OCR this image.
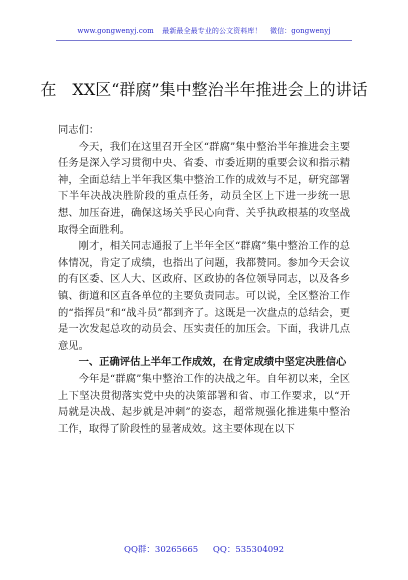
www.gongwenyj.com 最新最全最专业的公文资料库！ 微信：gongwenyj
在　XX区“群腐”集中整治半年推进会上的讲话

同志们：

今天，我们在这里召开全区“群腐”集中整治半年推进会主要任务是深入学习贯彻中央、省委、市委近期的重要会议和指示精神，全面总结上半年我区集中整治工作的成效与不足，研究部署下半年决战决胜阶段的重点任务，动员全区上下进一步统一思想、加压奋进，确保这场关乎民心向背、关乎执政根基的攻坚战取得全面胜利。

刚才，相关同志通报了上半年全区“群腐”集中整治工作的总体情况，肯定了成绩，也指出了问题，我都赞同。参加今天会议的有区委、区人大、区政府、区政协的各位领导同志，以及各乡镇、街道和区直各单位的主要负责同志。可以说，全区整治工作的“指挥员”和“战斗员”都到齐了。这既是一次盘点的总结会，更是一次发起总攻的动员会、压实责任的加压会。下面，我讲几点意见。

一、正确评估上半年工作成效，在肯定成绩中坚定决胜信心

今年是“群腐”集中整治工作的决战之年。自年初以来，全区上下坚决贯彻落实党中央的决策部署和省、市工作要求，以“开局就是决战、起步就是冲刺”的姿态，超常规强化推进集中整治工作，取得了阶段性的显著成效。这主要体现在以下

QQ群：30265665 QQ：535304092
